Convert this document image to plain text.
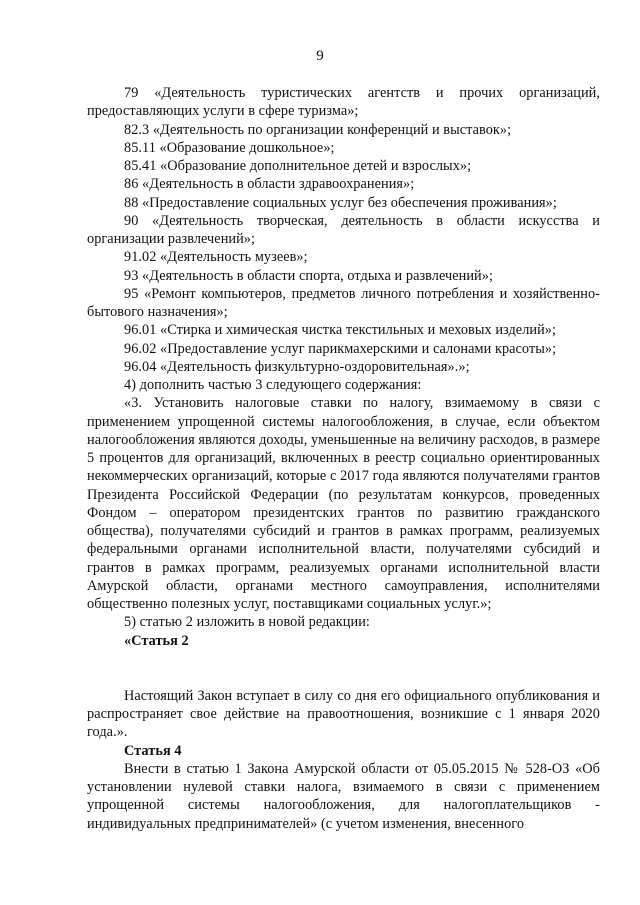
9

79 «Деятельность туристических агентств и прочих организаций, предоставляющих услуги в сфере туризма»;

82.3 «Деятельность по организации конференций и выставок»;

85.11 «Образование дошкольное»;

85.41 «Образование дополнительное детей и взрослых»;

86 «Деятельность в области здравоохранения»;

88 «Предоставление социальных услуг без обеспечения проживания»;

90 «Деятельность творческая, деятельность в области искусства и организации развлечений»;

91.02 «Деятельность музеев»;

93 «Деятельность в области спорта, отдыха и развлечений»;

95 «Ремонт компьютеров, предметов личного потребления и хозяйственно-бытового назначения»;

96.01 «Стирка и химическая чистка текстильных и меховых изделий»;

96.02 «Предоставление услуг парикмахерскими и салонами красоты»;

96.04 «Деятельность физкультурно-оздоровительная».»;

4) дополнить частью 3 следующего содержания:

«3. Установить налоговые ставки по налогу, взимаемому в связи с применением упрощенной системы налогообложения, в случае, если объектом налогообложения являются доходы, уменьшенные на величину расходов, в размере 5 процентов для организаций, включенных в реестр социально ориентированных некоммерческих организаций, которые с 2017 года являются получателями грантов Президента Российской Федерации (по результатам конкурсов, проведенных Фондом – оператором президентских грантов по развитию гражданского общества), получателями субсидий и грантов в рамках программ, реализуемых федеральными органами исполнительной власти, получателями субсидий и грантов в рамках программ, реализуемых органами исполнительной власти Амурской области, органами местного самоуправления, исполнителями общественно полезных услуг, поставщиками социальных услуг.»;

5) статью 2 изложить в новой редакции:

«Статья 2

Настоящий Закон вступает в силу со дня его официального опубликования и распространяет свое действие на правоотношения, возникшие с 1 января 2020 года.».

Статья 4

Внести в статью 1 Закона Амурской области от 05.05.2015 № 528-ОЗ «Об установлении нулевой ставки налога, взимаемого в связи с применением упрощенной системы налогообложения, для налогоплательщиков - индивидуальных предпринимателей» (с учетом изменения, внесенного
